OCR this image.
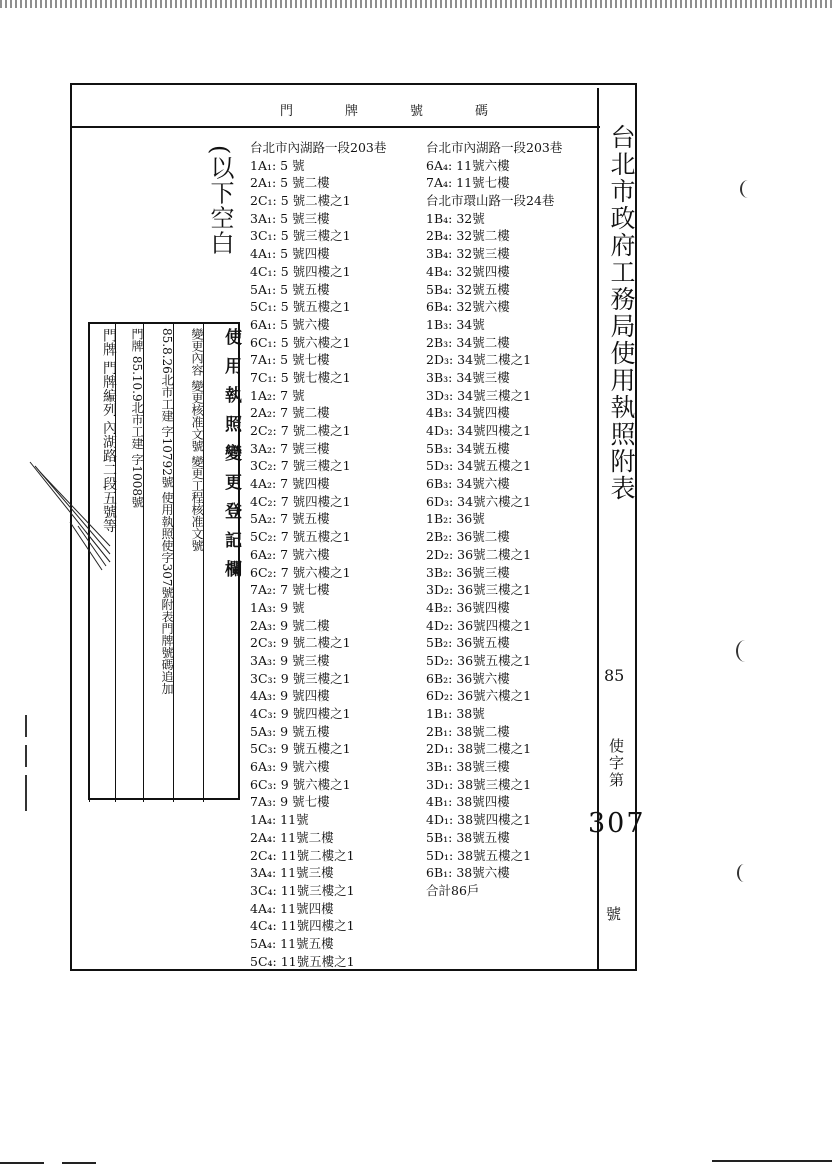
門牌號碼
台北市政府工務局使用執照附表
85
使字第
307
號
(以下空白 台北市內湖路一段203巷
1A₁: 5 號
2A₁: 5 號二樓
2C₁: 5 號二樓之1
3A₁: 5 號三樓
3C₁: 5 號三樓之1
4A₁: 5 號四樓
4C₁: 5 號四樓之1
5A₁: 5 號五樓
5C₁: 5 號五樓之1
6A₁: 5 號六樓
6C₁: 5 號六樓之1
7A₁: 5 號七樓
7C₁: 5 號七樓之1
1A₂: 7 號
2A₂: 7 號二樓
2C₂: 7 號二樓之1
3A₂: 7 號三樓
3C₂: 7 號三樓之1
4A₂: 7 號四樓
4C₂: 7 號四樓之1
5A₂: 7 號五樓
5C₂: 7 號五樓之1
6A₂: 7 號六樓
6C₂: 7 號六樓之1
7A₂: 7 號七樓
1A₃: 9 號
2A₃: 9 號二樓
2C₃: 9 號二樓之1
3A₃: 9 號三樓
3C₃: 9 號三樓之1
4A₃: 9 號四樓
4C₃: 9 號四樓之1
5A₃: 9 號五樓
5C₃: 9 號五樓之1
6A₃: 9 號六樓
6C₃: 9 號六樓之1
7A₃: 9 號七樓
1A₄: 11號
2A₄: 11號二樓
2C₄: 11號二樓之1
3A₄: 11號三樓
3C₄: 11號三樓之1
4A₄: 11號四樓
4C₄: 11號四樓之1
5A₄: 11號五樓
5C₄: 11號五樓之1
台北市內湖路一段203巷
6A₄: 11號六樓
7A₄: 11號七樓
台北市環山路一段24巷
1B₄: 32號
2B₄: 32號二樓
3B₄: 32號三樓
4B₄: 32號四樓
5B₄: 32號五樓
6B₄: 32號六樓
1B₃: 34號
2B₃: 34號二樓
2D₃: 34號二樓之1
3B₃: 34號三樓
3D₃: 34號三樓之1
4B₃: 34號四樓
4D₃: 34號四樓之1
5B₃: 34號五樓
5D₃: 34號五樓之1
6B₃: 34號六樓
6D₃: 34號六樓之1
1B₂: 36號
2B₂: 36號二樓
2D₂: 36號二樓之1
3B₂: 36號三樓
3D₂: 36號三樓之1
4B₂: 36號四樓
4D₂: 36號四樓之1
5B₂: 36號五樓
5D₂: 36號五樓之1
6B₂: 36號六樓
6D₂: 36號六樓之1
1B₁: 38號
2B₁: 38號二樓
2D₁: 38號二樓之1
3B₁: 38號三樓
3D₁: 38號三樓之1
4B₁: 38號四樓
4D₁: 38號四樓之1
5B₁: 38號五樓
5D₁: 38號五樓之1
6B₁: 38號六樓
合計86戶
使用執照變更登記欄
變更內容 變更核准文號 變更工程核准文號
85.8.26北市工建 字10792號 使用執照使字307號附表門牌號碼追加
門牌 85.10.9北市工建 字1008號
門牌 門牌編列 內湖路二段五號等
